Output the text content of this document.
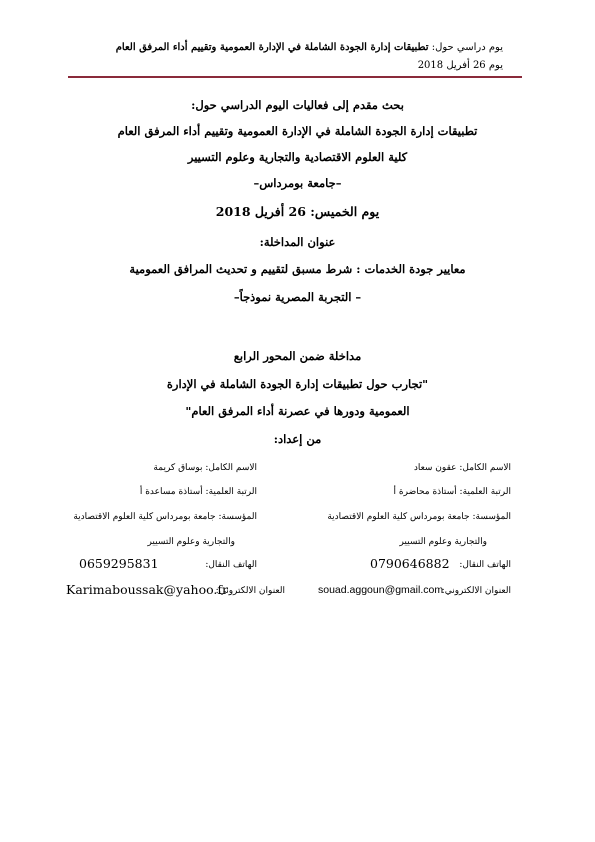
يوم دراسي حول: تطبيقات إدارة الجودة الشاملة في الإدارة العمومية وتقييم أداء المرفق العام
يوم 26 أفريل 2018
بحث مقدم إلى فعاليات اليوم الدراسي حول:
تطبيقات إدارة الجودة الشاملة في الإدارة العمومية وتقييم أداء المرفق العام
كلية العلوم الاقتصادية والتجارية وعلوم التسيير
–جامعة بومرداس–
يوم الخميس: 26 أفريل 2018
عنوان المداخلة:
معايير جودة الخدمات : شرط مسبق لتقييم و تحديث المرافق العمومية
– التجربة المصرية نموذجاً–
مداخلة ضمن المحور الرابع
"تجارب حول تطبيقات إدارة الجودة الشاملة في الإدارة
العمومية ودورها في عصرنة أداء المرفق العام"
من إعداد:
الاسم الكامل: عقون سعاد
الرتبة العلمية: أستاذة محاضرة أ
المؤسسة: جامعة بومرداس كلية العلوم الاقتصادية
والتجارية وعلوم التسيير
الهاتف النقال:
0790646882
العنوان الالكتروني:
souad.aggoun@gmail.com
الاسم الكامل: بوساق كريمة
الرتبة العلمية: أستاذة مساعدة أ
المؤسسة: جامعة بومرداس كلية العلوم الاقتصادية
والتجارية وعلوم التسيير
الهاتف النقال:
0659295831
العنوان الالكتروني:
Karimaboussak@yahoo.fr
